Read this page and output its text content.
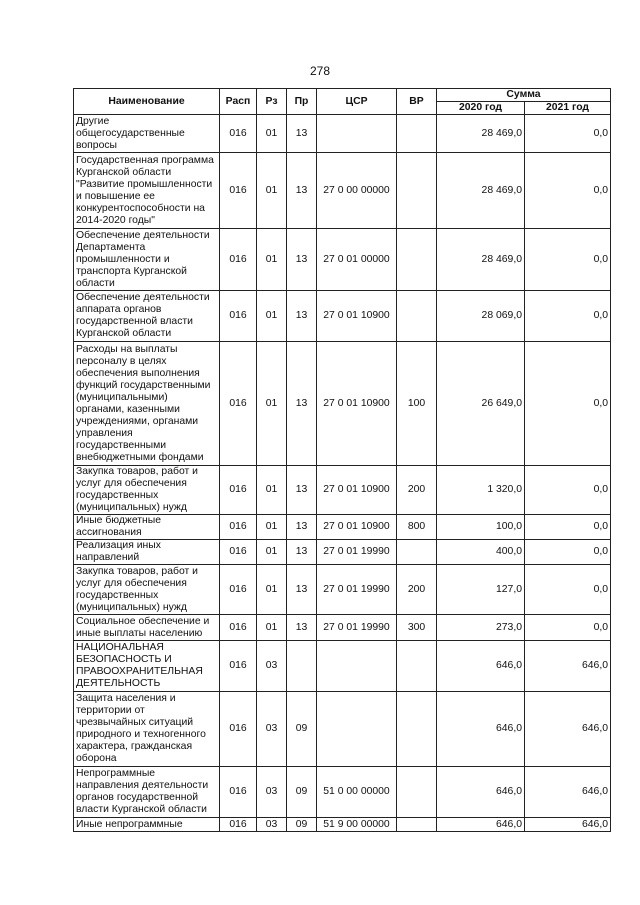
278
Наименование	Расп	Рз	Пр	ЦСР	ВР	Сумма	
						2020 год	2021 год
Другие общегосударственные вопросы	016	01	13			28 469,0	0,0
Государственная программа Курганской области "Развитие промышленности и повышение ее конкурентоспособности на 2014-2020 годы"	016	01	13	27 0 00 00000		28 469,0	0,0
Обеспечение деятельности Департамента промышленности и транспорта Курганской области	016	01	13	27 0 01 00000		28 469,0	0,0
Обеспечение деятельности аппарата органов государственной власти Курганской области	016	01	13	27 0 01 10900		28 069,0	0,0
Расходы на выплаты персоналу в целях обеспечения выполнения функций государственными (муниципальными) органами, казенными учреждениями, органами управления государственными внебюджетными фондами	016	01	13	27 0 01 10900	100	26 649,0	0,0
Закупка товаров, работ и услуг для обеспечения государственных (муниципальных) нужд	016	01	13	27 0 01 10900	200	1 320,0	0,0
Иные бюджетные ассигнования	016	01	13	27 0 01 10900	800	100,0	0,0
Реализация иных направлений	016	01	13	27 0 01 19990		400,0	0,0
Закупка товаров, работ и услуг для обеспечения государственных (муниципальных) нужд	016	01	13	27 0 01 19990	200	127,0	0,0
Социальное обеспечение и иные выплаты населению	016	01	13	27 0 01 19990	300	273,0	0,0
НАЦИОНАЛЬНАЯ БЕЗОПАСНОСТЬ И ПРАВООХРАНИТЕЛЬНАЯ ДЕЯТЕЛЬНОСТЬ	016	03				646,0	646,0
Защита населения и территории от чрезвычайных ситуаций природного и техногенного характера, гражданская оборона	016	03	09			646,0	646,0
Непрограммные направления деятельности органов государственной власти Курганской области	016	03	09	51 0 00 00000		646,0	646,0
Иные непрограммные	016	03	09	51 9 00 00000		646,0	646,0
